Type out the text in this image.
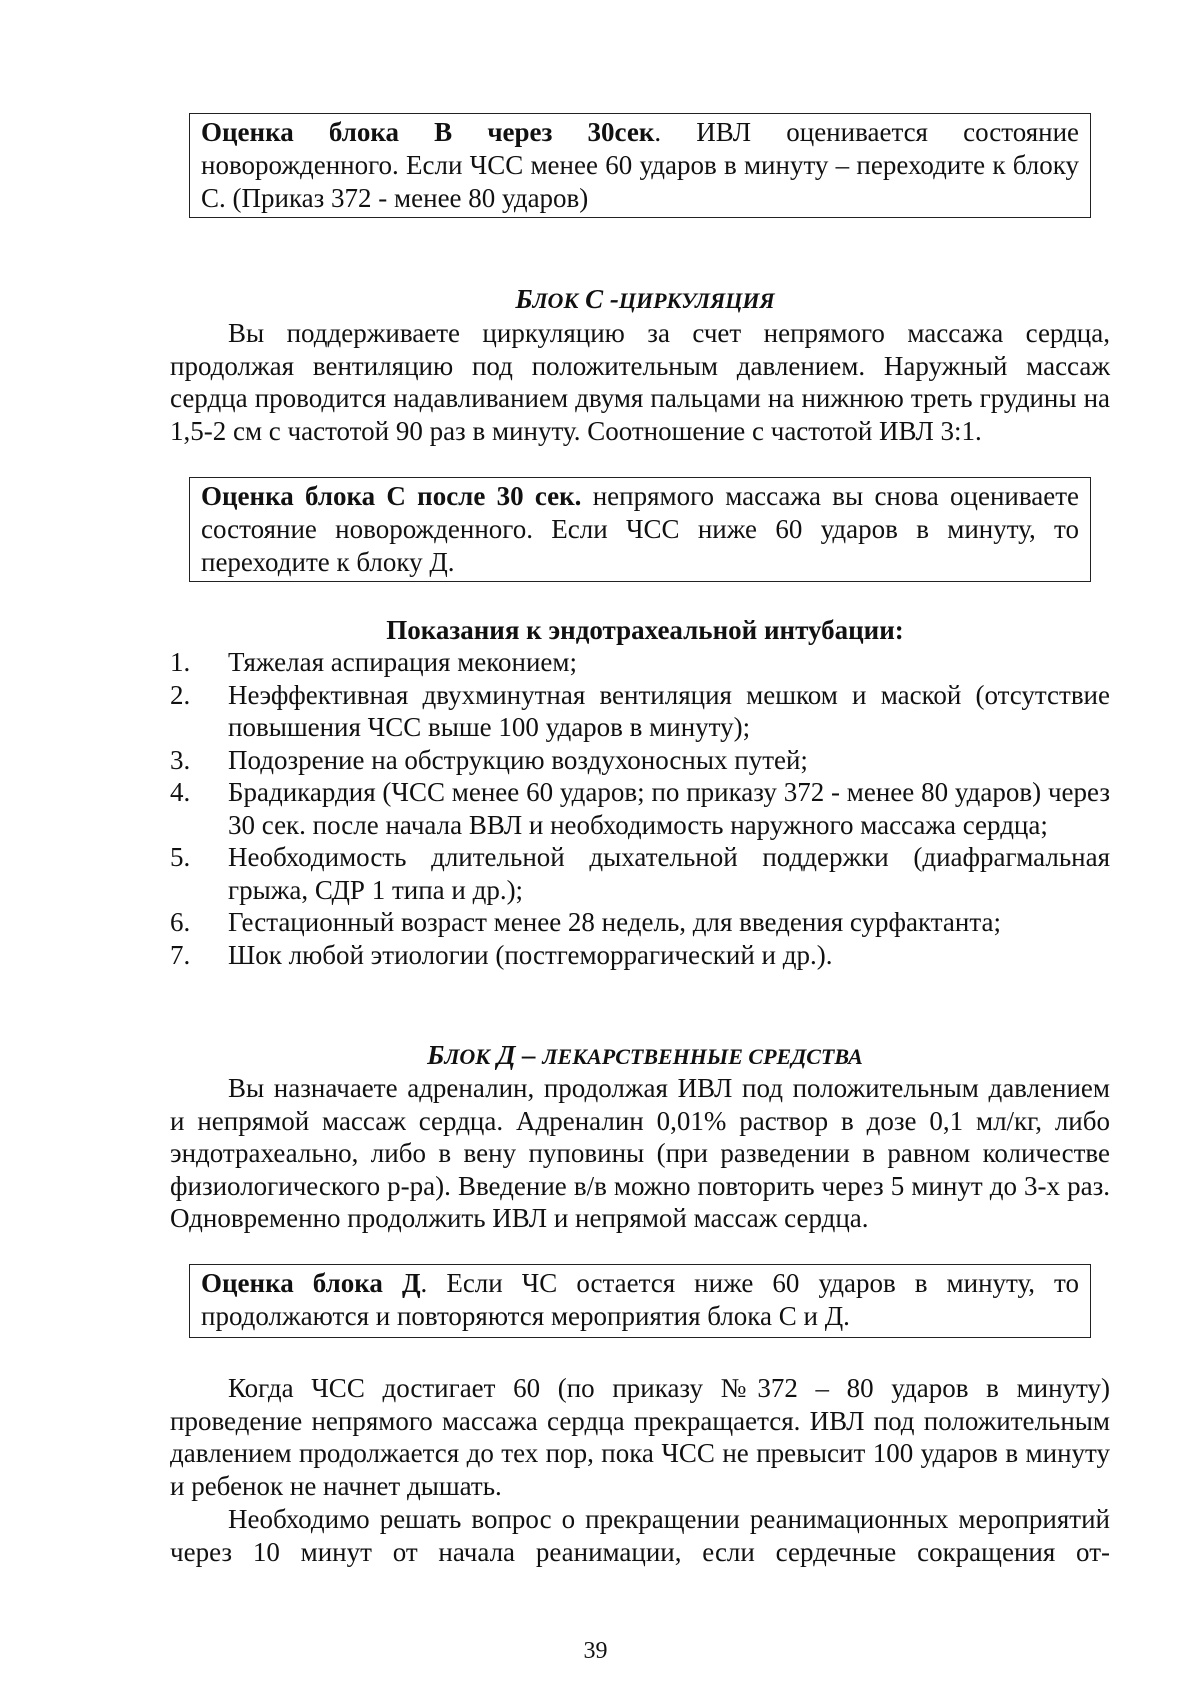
Оценка блока В через 30сек. ИВЛ оценивается состояние новорожденного. Если ЧСС менее 60 ударов в минуту – переходите к блоку С. (Приказ 372 - менее 80 ударов)
БЛОК C -ЦИРКУЛЯЦИЯ
Вы поддерживаете циркуляцию за счет непрямого массажа сердца, продолжая вентиляцию под положительным давлением. Наружный массаж сердца проводится надавливанием двумя пальцами на нижнюю треть грудины на 1,5-2 см с частотой 90 раз в минуту. Соотношение с частотой ИВЛ 3:1.
Оценка блока С после 30 сек. непрямого массажа вы снова оцениваете состояние новорожденного. Если ЧСС ниже 60 ударов в минуту, то переходите к блоку Д.
Показания к эндотрахеальной интубации:
1. Тяжелая аспирация меконием;
2. Неэффективная двухминутная вентиляция мешком и маской (отсутствие повышения ЧСС выше 100 ударов в минуту);
3. Подозрение на обструкцию воздухоносных путей;
4. Брадикардия (ЧСС менее 60 ударов; по приказу 372 - менее 80 ударов) через 30 сек. после начала ВВЛ и необходимость наружного массажа сердца;
5. Необходимость длительной дыхательной поддержки (диафрагмальная грыжа, СДР 1 типа и др.);
6. Гестационный возраст менее 28 недель, для введения сурфактанта;
7. Шок любой этиологии (постгеморрагический и др.).
БЛОК Д – ЛЕКАРСТВЕННЫЕ СРЕДСТВА
Вы назначаете адреналин, продолжая ИВЛ под положительным давлением и непрямой массаж сердца. Адреналин 0,01% раствор в дозе 0,1 мл/кг, либо эндотрахеально, либо в вену пуповины (при разведении в равном количестве физиологического р-ра). Введение в/в можно повторить через 5 минут до 3-х раз. Одновременно продолжить ИВЛ и непрямой массаж сердца.
Оценка блока Д. Если ЧС остается ниже 60 ударов в минуту, то продолжаются и повторяются мероприятия блока С и Д.
Когда ЧСС достигает 60 (по приказу №372 – 80 ударов в минуту) проведение непрямого массажа сердца прекращается. ИВЛ под положительным давлением продолжается до тех пор, пока ЧСС не превысит 100 ударов в минуту и ребенок не начнет дышать.
Необходимо решать вопрос о прекращении реанимационных мероприятий через 10 минут от начала реанимации, если сердечные сокращения от-
39
